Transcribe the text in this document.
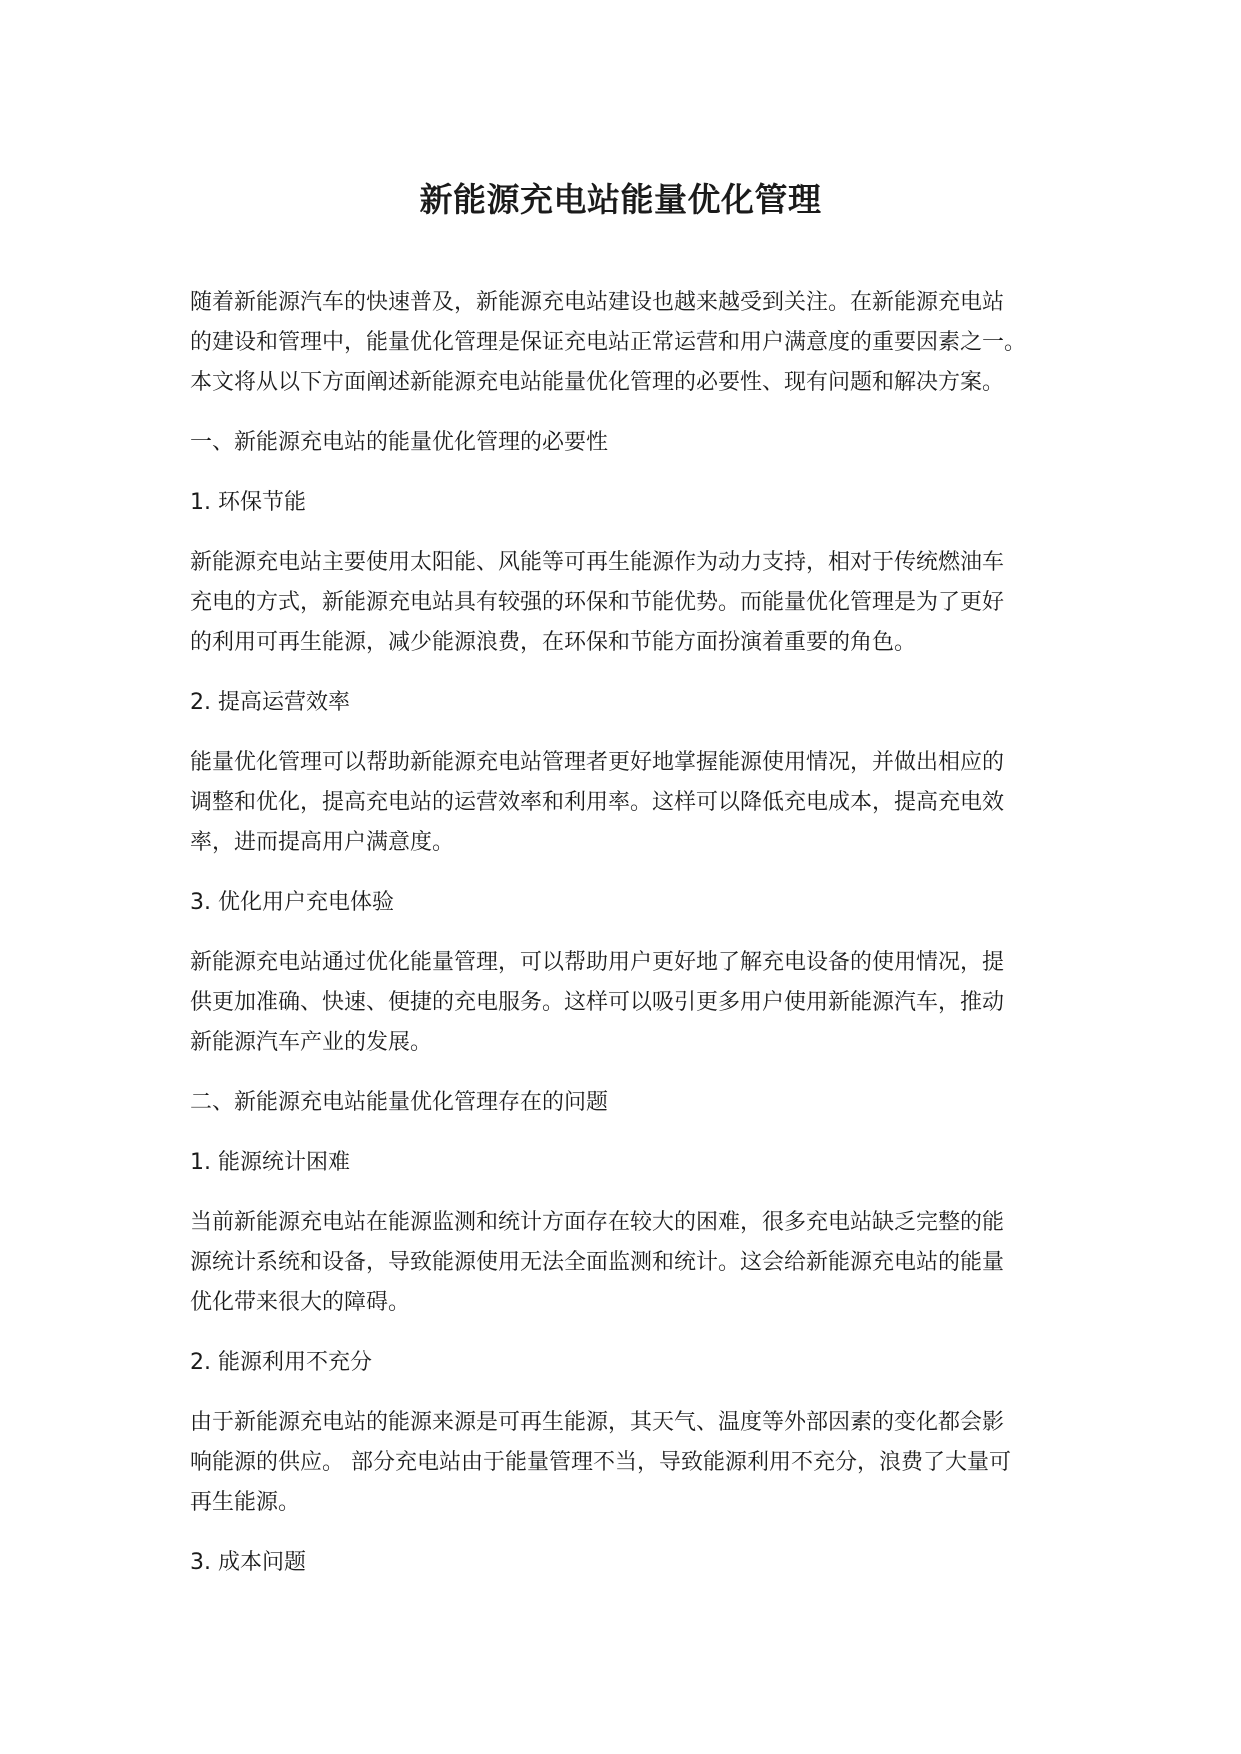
新能源充电站能量优化管理

随着新能源汽车的快速普及，新能源充电站建设也越来越受到关注。在新能源充电站
的建设和管理中，能量优化管理是保证充电站正常运营和用户满意度的重要因素之一。
本文将从以下方面阐述新能源充电站能量优化管理的必要性、现有问题和解决方案。

一、新能源充电站的能量优化管理的必要性

1. 环保节能

新能源充电站主要使用太阳能、风能等可再生能源作为动力支持，相对于传统燃油车
充电的方式，新能源充电站具有较强的环保和节能优势。而能量优化管理是为了更好
的利用可再生能源，减少能源浪费，在环保和节能方面扮演着重要的角色。

2. 提高运营效率

能量优化管理可以帮助新能源充电站管理者更好地掌握能源使用情况，并做出相应的
调整和优化，提高充电站的运营效率和利用率。这样可以降低充电成本，提高充电效
率，进而提高用户满意度。

3. 优化用户充电体验

新能源充电站通过优化能量管理，可以帮助用户更好地了解充电设备的使用情况，提
供更加准确、快速、便捷的充电服务。这样可以吸引更多用户使用新能源汽车，推动
新能源汽车产业的发展。

二、新能源充电站能量优化管理存在的问题

1. 能源统计困难

当前新能源充电站在能源监测和统计方面存在较大的困难，很多充电站缺乏完整的能
源统计系统和设备，导致能源使用无法全面监测和统计。这会给新能源充电站的能量
优化带来很大的障碍。

2. 能源利用不充分

由于新能源充电站的能源来源是可再生能源，其天气、温度等外部因素的变化都会影
响能源的供应。 部分充电站由于能量管理不当，导致能源利用不充分，浪费了大量可
再生能源。

3. 成本问题
